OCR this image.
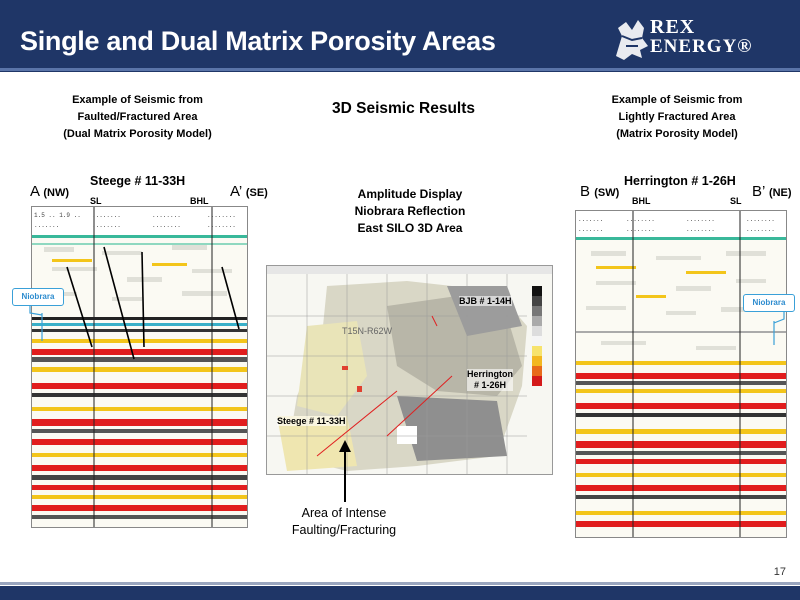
Single and Dual Matrix Porosity Areas	REX
ENERGY®
Example of Seismic from
Faulted/Fractured Area
(Dual Matrix Porosity Model)
3D Seismic Results	Example of Seismic from
Lightly Fractured Area
(Matrix Porosity Model)
Steege # 11-33H
A (NW)	A’ (SE)
SL	BHL
1.5 .. 1.9 .. ........	........	........
.......	........	........	........
Niobrara
Amplitude Display
Niobrara Reflection
East SILO 3D Area
T15N-R62W
BJB # 1-14H
Herrington
# 1-26H
Steege # 11-33H
Area of Intense
Faulting/Fracturing
Herrington # 1-26H
B (SW)	B’ (NE)
BHL	SL
.......	........	........	........
.......	........	........	........
Niobrara
17
